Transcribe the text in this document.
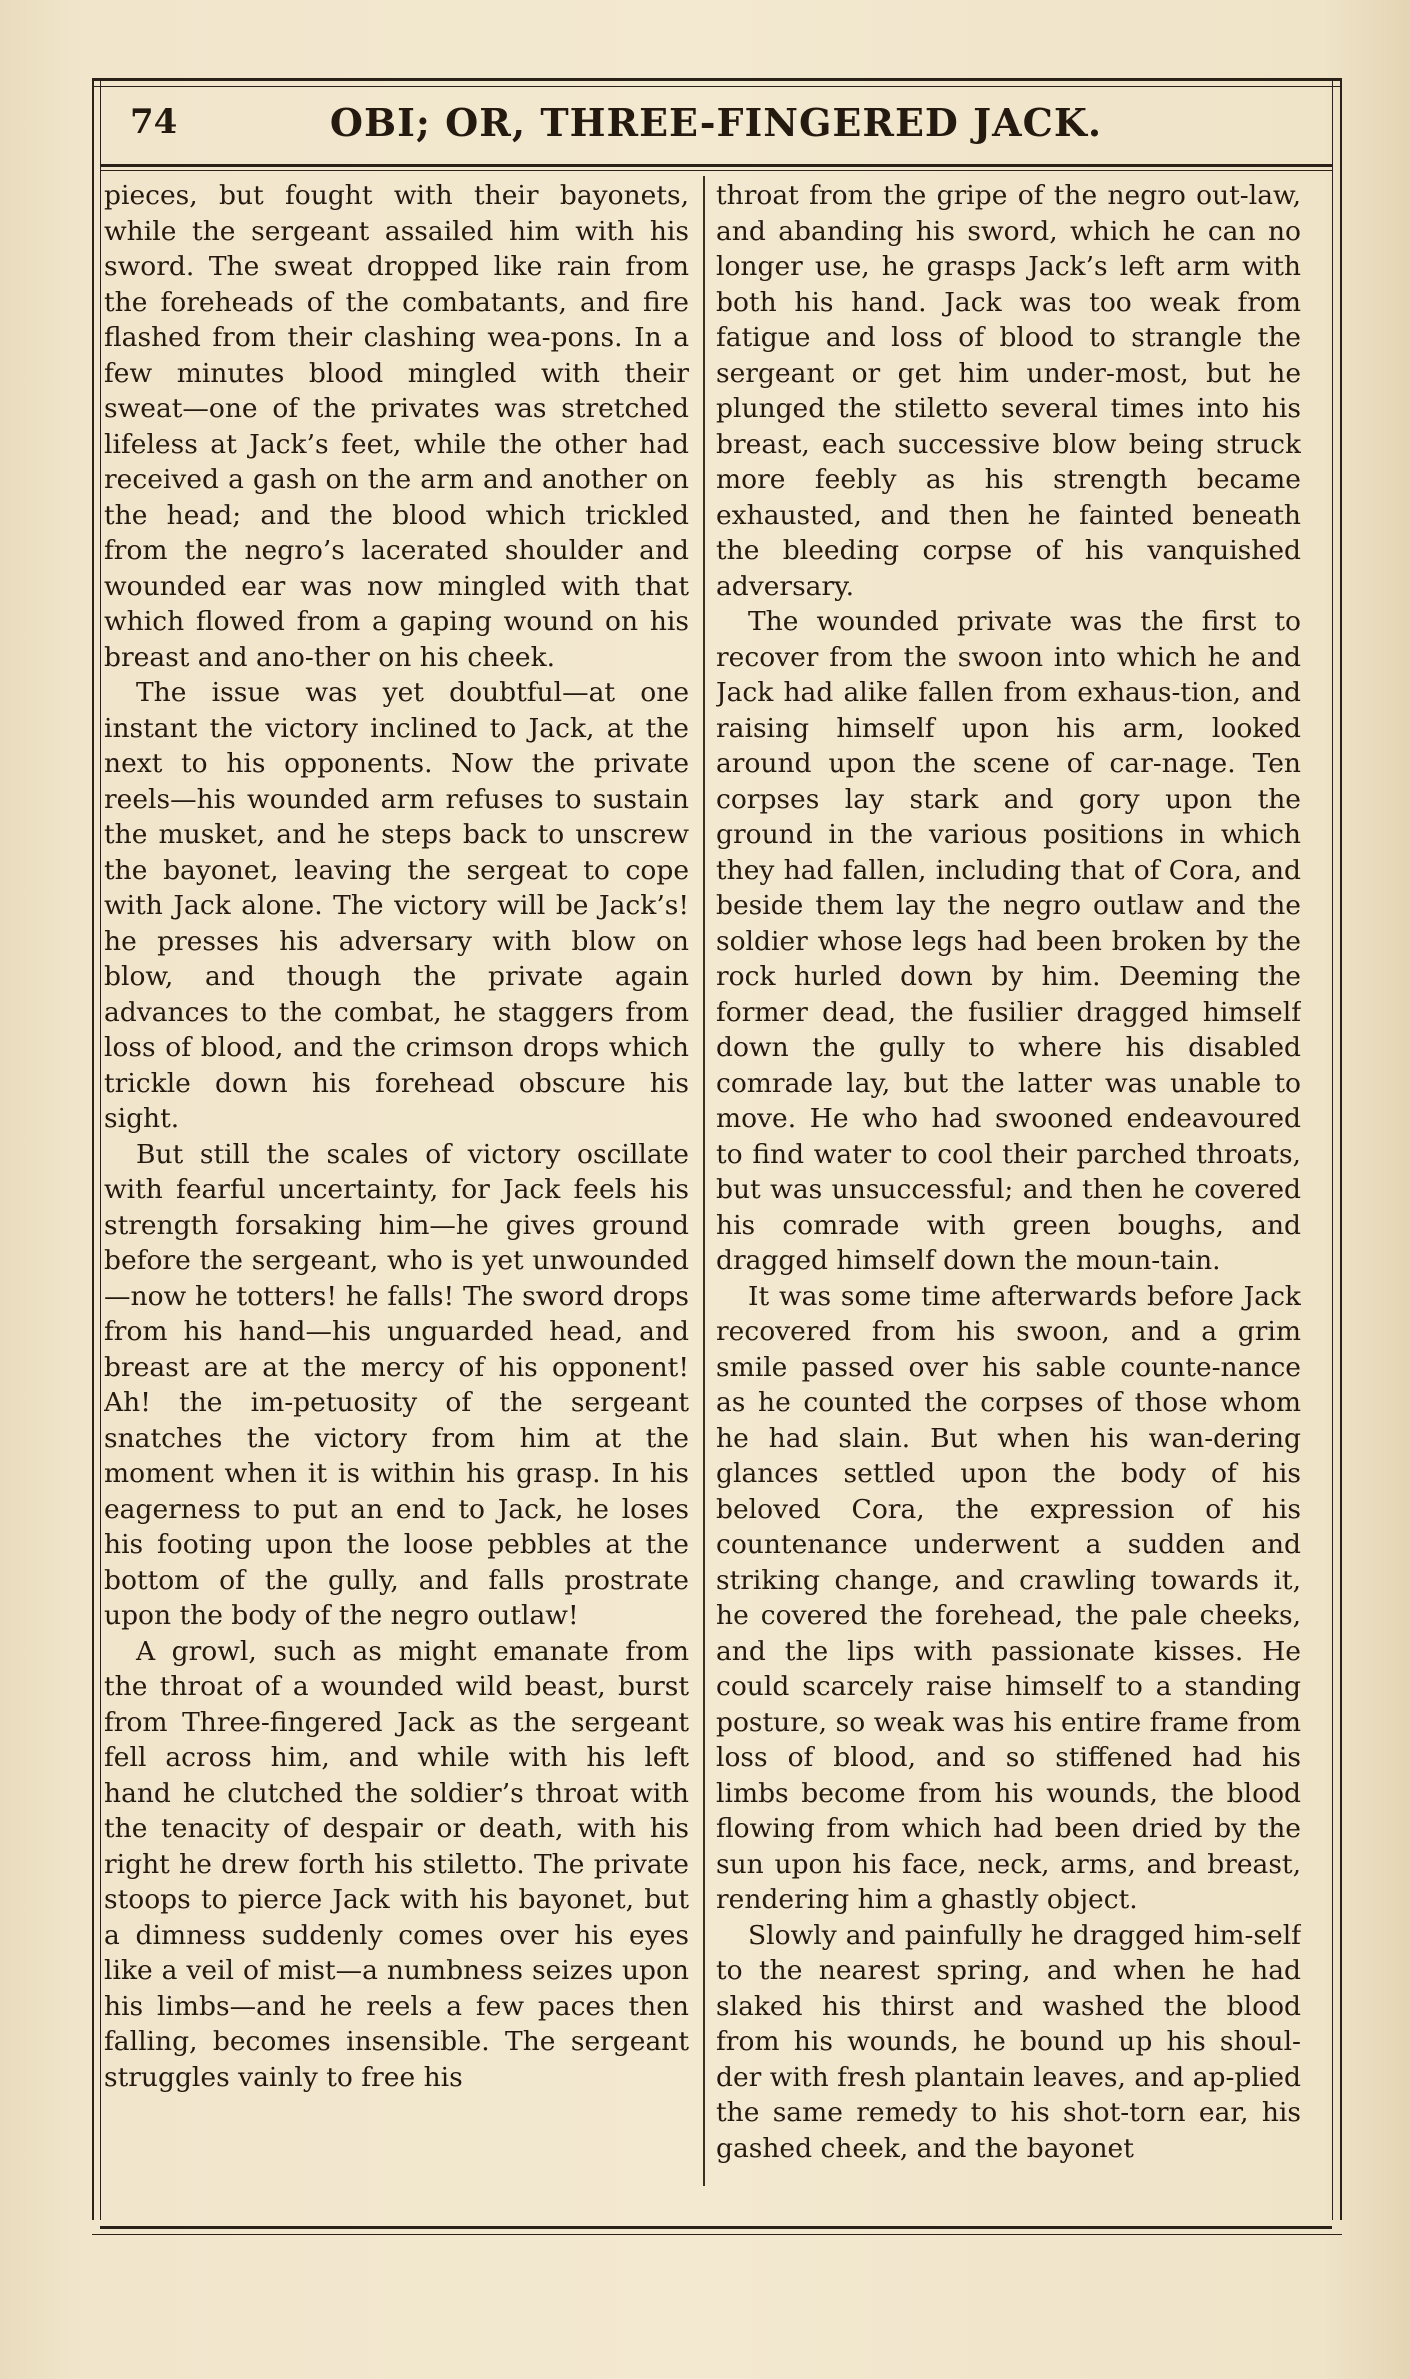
74	OBI; OR, THREE-FINGERED JACK.

pieces, but fought with their bayonets, while the sergeant assailed him with his sword. The sweat dropped like rain from the foreheads of the combatants, and fire flashed from their clashing wea-pons. In a few minutes blood mingled with their sweat—one of the privates was stretched lifeless at Jack’s feet, while the other had received a gash on the arm and another on the head; and the blood which trickled from the negro’s lacerated shoulder and wounded ear was now mingled with that which flowed from a gaping wound on his breast and ano-ther on his cheek.

The issue was yet doubtful—at one instant the victory inclined to Jack, at the next to his opponents. Now the private reels—his wounded arm refuses to sustain the musket, and he steps back to unscrew the bayonet, leaving the sergeat to cope with Jack alone. The victory will be Jack’s! he presses his adversary with blow on blow, and though the private again advances to the combat, he staggers from loss of blood, and the crimson drops which trickle down his forehead obscure his sight.

But still the scales of victory oscillate with fearful uncertainty, for Jack feels his strength forsaking him—he gives ground before the sergeant, who is yet unwounded—now he totters! he falls! The sword drops from his hand—his unguarded head, and breast are at the mercy of his opponent! Ah! the im-petuosity of the sergeant snatches the victory from him at the moment when it is within his grasp. In his eagerness to put an end to Jack, he loses his footing upon the loose pebbles at the bottom of the gully, and falls prostrate upon the body of the negro outlaw!

A growl, such as might emanate from the throat of a wounded wild beast, burst from Three-fingered Jack as the sergeant fell across him, and while with his left hand he clutched the soldier’s throat with the tenacity of despair or death, with his right he drew forth his stiletto. The private stoops to pierce Jack with his bayonet, but a dimness suddenly comes over his eyes like a veil of mist—a numbness seizes upon his limbs—and he reels a few paces then falling, becomes insensible. The sergeant struggles vainly to free his

throat from the gripe of the negro out-law, and abanding his sword, which he can no longer use, he grasps Jack’s left arm with both his hand. Jack was too weak from fatigue and loss of blood to strangle the sergeant or get him under-most, but he plunged the stiletto several times into his breast, each successive blow being struck more feebly as his strength became exhausted, and then he fainted beneath the bleeding corpse of his vanquished adversary.

The wounded private was the first to recover from the swoon into which he and Jack had alike fallen from exhaus-tion, and raising himself upon his arm, looked around upon the scene of car-nage. Ten corpses lay stark and gory upon the ground in the various positions in which they had fallen, including that of Cora, and beside them lay the negro outlaw and the soldier whose legs had been broken by the rock hurled down by him. Deeming the former dead, the fusilier dragged himself down the gully to where his disabled comrade lay, but the latter was unable to move. He who had swooned endeavoured to find water to cool their parched throats, but was unsuccessful; and then he covered his comrade with green boughs, and dragged himself down the moun-tain.

It was some time afterwards before Jack recovered from his swoon, and a grim smile passed over his sable counte-nance as he counted the corpses of those whom he had slain. But when his wan-dering glances settled upon the body of his beloved Cora, the expression of his countenance underwent a sudden and striking change, and crawling towards it, he covered the forehead, the pale cheeks, and the lips with passionate kisses. He could scarcely raise himself to a standing posture, so weak was his entire frame from loss of blood, and so stiffened had his limbs become from his wounds, the blood flowing from which had been dried by the sun upon his face, neck, arms, and breast, rendering him a ghastly object.

Slowly and painfully he dragged him-self to the nearest spring, and when he had slaked his thirst and washed the blood from his wounds, he bound up his shoul-der with fresh plantain leaves, and ap-plied the same remedy to his shot-torn ear, his gashed cheek, and the bayonet
